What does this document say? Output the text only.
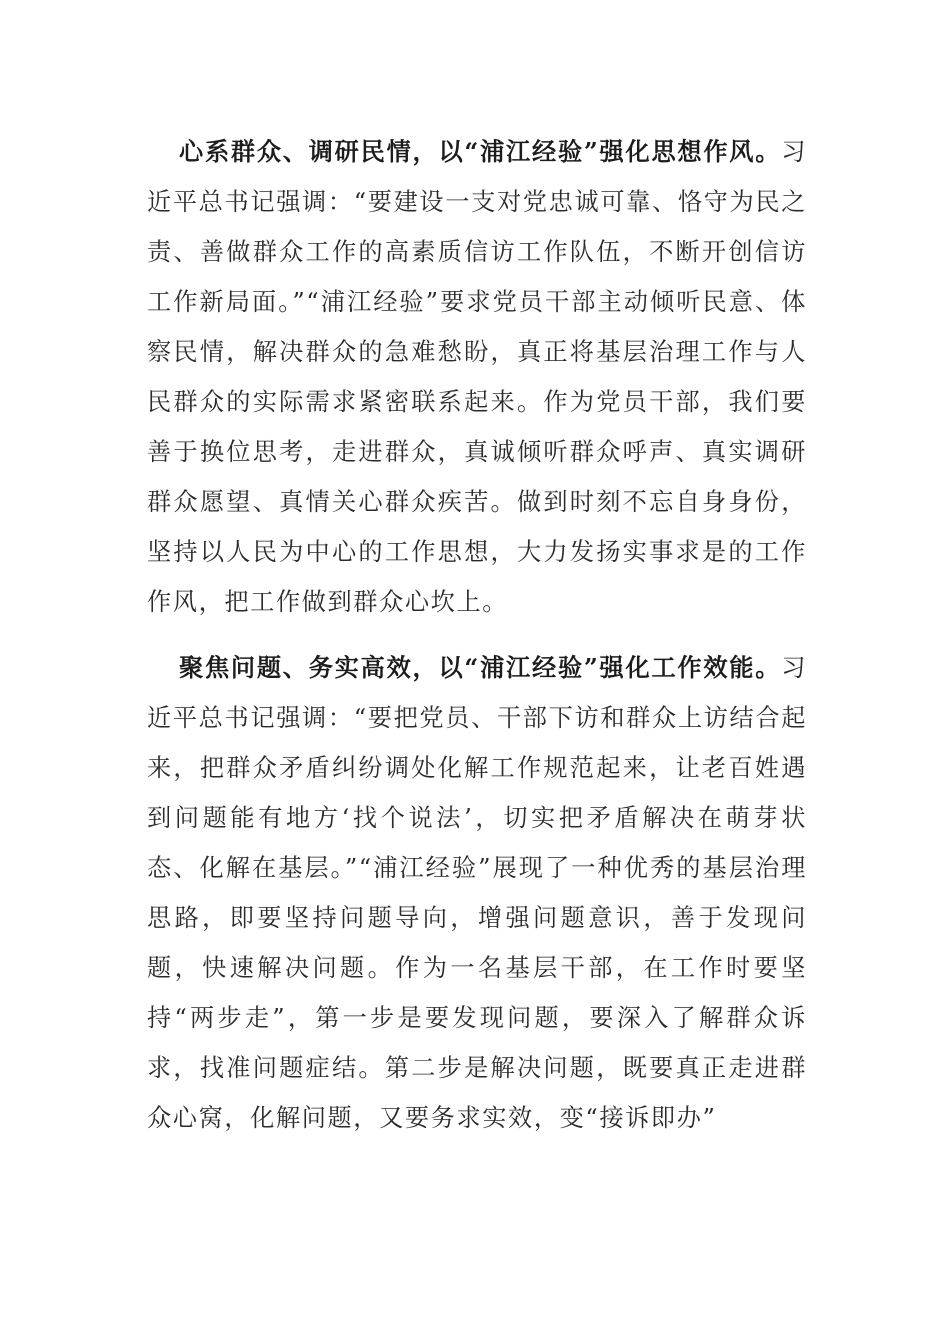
心系群众、调研民情，以“浦江经验”强化思想作风。习近平总书记强调：“要建设一支对党忠诚可靠、恪守为民之责、善做群众工作的高素质信访工作队伍，不断开创信访工作新局面。”“浦江经验”要求党员干部主动倾听民意、体察民情，解决群众的急难愁盼，真正将基层治理工作与人民群众的实际需求紧密联系起来。作为党员干部，我们要善于换位思考，走进群众，真诚倾听群众呼声、真实调研群众愿望、真情关心群众疾苦。做到时刻不忘自身身份，坚持以人民为中心的工作思想，大力发扬实事求是的工作作风，把工作做到群众心坎上。

聚焦问题、务实高效，以“浦江经验”强化工作效能。习近平总书记强调：“要把党员、干部下访和群众上访结合起来，把群众矛盾纠纷调处化解工作规范起来，让老百姓遇到问题能有地方‘找个说法’，切实把矛盾解决在萌芽状态、化解在基层。”“浦江经验”展现了一种优秀的基层治理思路，即要坚持问题导向，增强问题意识，善于发现问题，快速解决问题。作为一名基层干部，在工作时要坚持“两步走”，第一步是要发现问题，要深入了解群众诉求，找准问题症结。第二步是解决问题，既要真正走进群众心窝，化解问题，又要务求实效，变“接诉即办”
